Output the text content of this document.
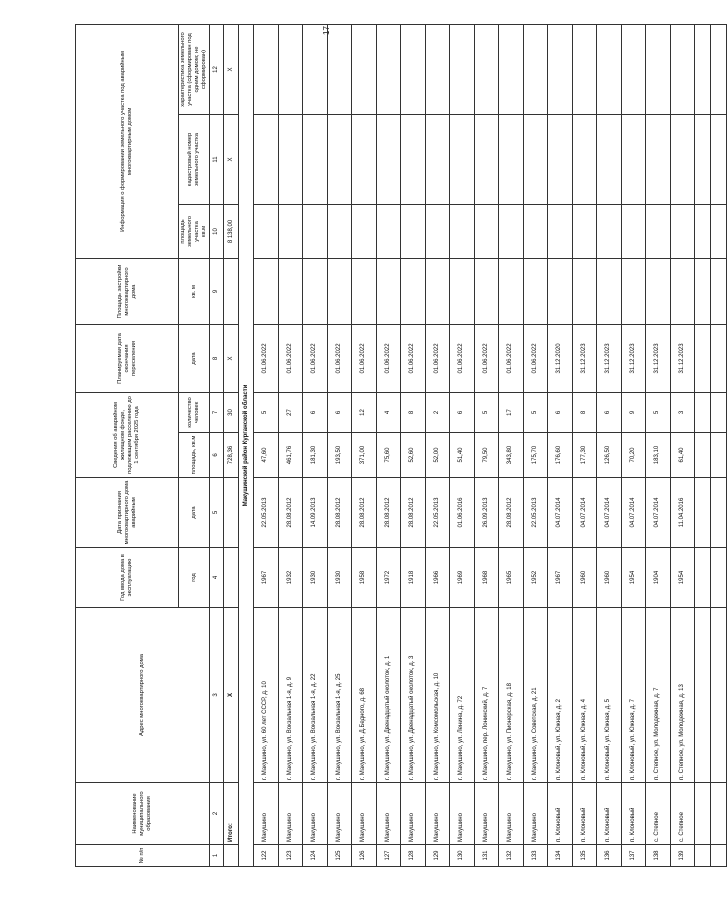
17
№ п/п	Наименование муниципального образования	Адрес многоквартирного дома	Год ввода дома в эксплуатацию	Дата признания многоквартирного дома аварийным	Сведения об аварийном жилищном фонде, подлежащем расселению до 1 сентября 2025 года		Планируемая дата окончания переселения	Площадь застройки многоквартирного дома	Информация о формировании земельного участка под аварийным многоквартирным домом		
			год	дата	площадь, кв.м	количество человек	дата	кв. м	площадь земельного участка
кв.м	кадастровый номер земельного участка	характеристика земельного участка (сформирован под одним домом; не сформирован)
1	2	3	4	5	6	7	8	9	10	11	12
	Итого:	X			728,36	30	X		8 138,00	X	X
Макушинский район Курганской области											
122	Макушино	г. Макушино, ул. 60 лет СССР, д. 10	1967	22.05.2013	47,60	5	01.06.2022				
123	Макушино	г. Макушино, ул. Вокзальная 1-я, д. 9	1932	28.08.2012	461,76	27	01.06.2022				
124	Макушино	г. Макушино, ул. Вокзальная 1-я, д. 22	1930	14.09.2013	181,30	6	01.06.2022				
125	Макушино	г. Макушино, ул. Вокзальная 1-я, д. 25	1930	28.08.2012	193,50	6	01.06.2022				
126	Макушино	г. Макушино, ул. Д.Бедного, д. 68	1958	28.08.2012	371,00	12	01.06.2022				
127	Макушино	г. Макушино, ул. Двенадцатый околоток, д. 1	1972	28.08.2012	75,60	4	01.06.2022				
128	Макушино	г. Макушино, ул. Двенадцатый околоток, д. 3	1918	28.08.2012	52,60	8	01.06.2022				
129	Макушино	г. Макушино, ул. Комсомольская, д. 10	1966	22.05.2013	52,00	2	01.06.2022				
130	Макушино	г. Макушино, ул. Ленина, д. 72	1969	01.06.2016	51,40	6	01.06.2022				
131	Макушино	г. Макушино, пер. Лонинский, д. 7	1968	26.09.2013	79,50	5	01.06.2022				
132	Макушино	г. Макушино, ул. Пионерская, д. 18	1965	28.08.2012	343,80	17	01.06.2022				
133	Макушино	г. Макушино, ул. Советская, д. 21	1952	22.05.2013	175,70	5	01.06.2022				
134	п. Клоновый	п. Клоновый, ул. Южная, д. 2	1967	04.07.2014	176,60	6	31.12.2020				
135	п. Клоновый	п. Клоновый, ул. Южная, д. 4	1960	04.07.2014	177,30	8	31.12.2023				
136	п. Клоновый	п. Клоновый, ул. Южная, д. 5	1960	04.07.2014	126,50	6	31.12.2023				
137	п. Клоновый	п. Клоновый, ул. Южная, д. 7	1954	04.07.2014	70,20	9	31.12.2023				
138	с. Степное	п. Степное, ул. Молодежная, д. 7	1904	04.07.2014	183,10	5	31.12.2023				
139	с. Степное	п. Степное, ул. Молодежная, д. 13	1954	11.04.2016	61,40	3	31.12.2023				
